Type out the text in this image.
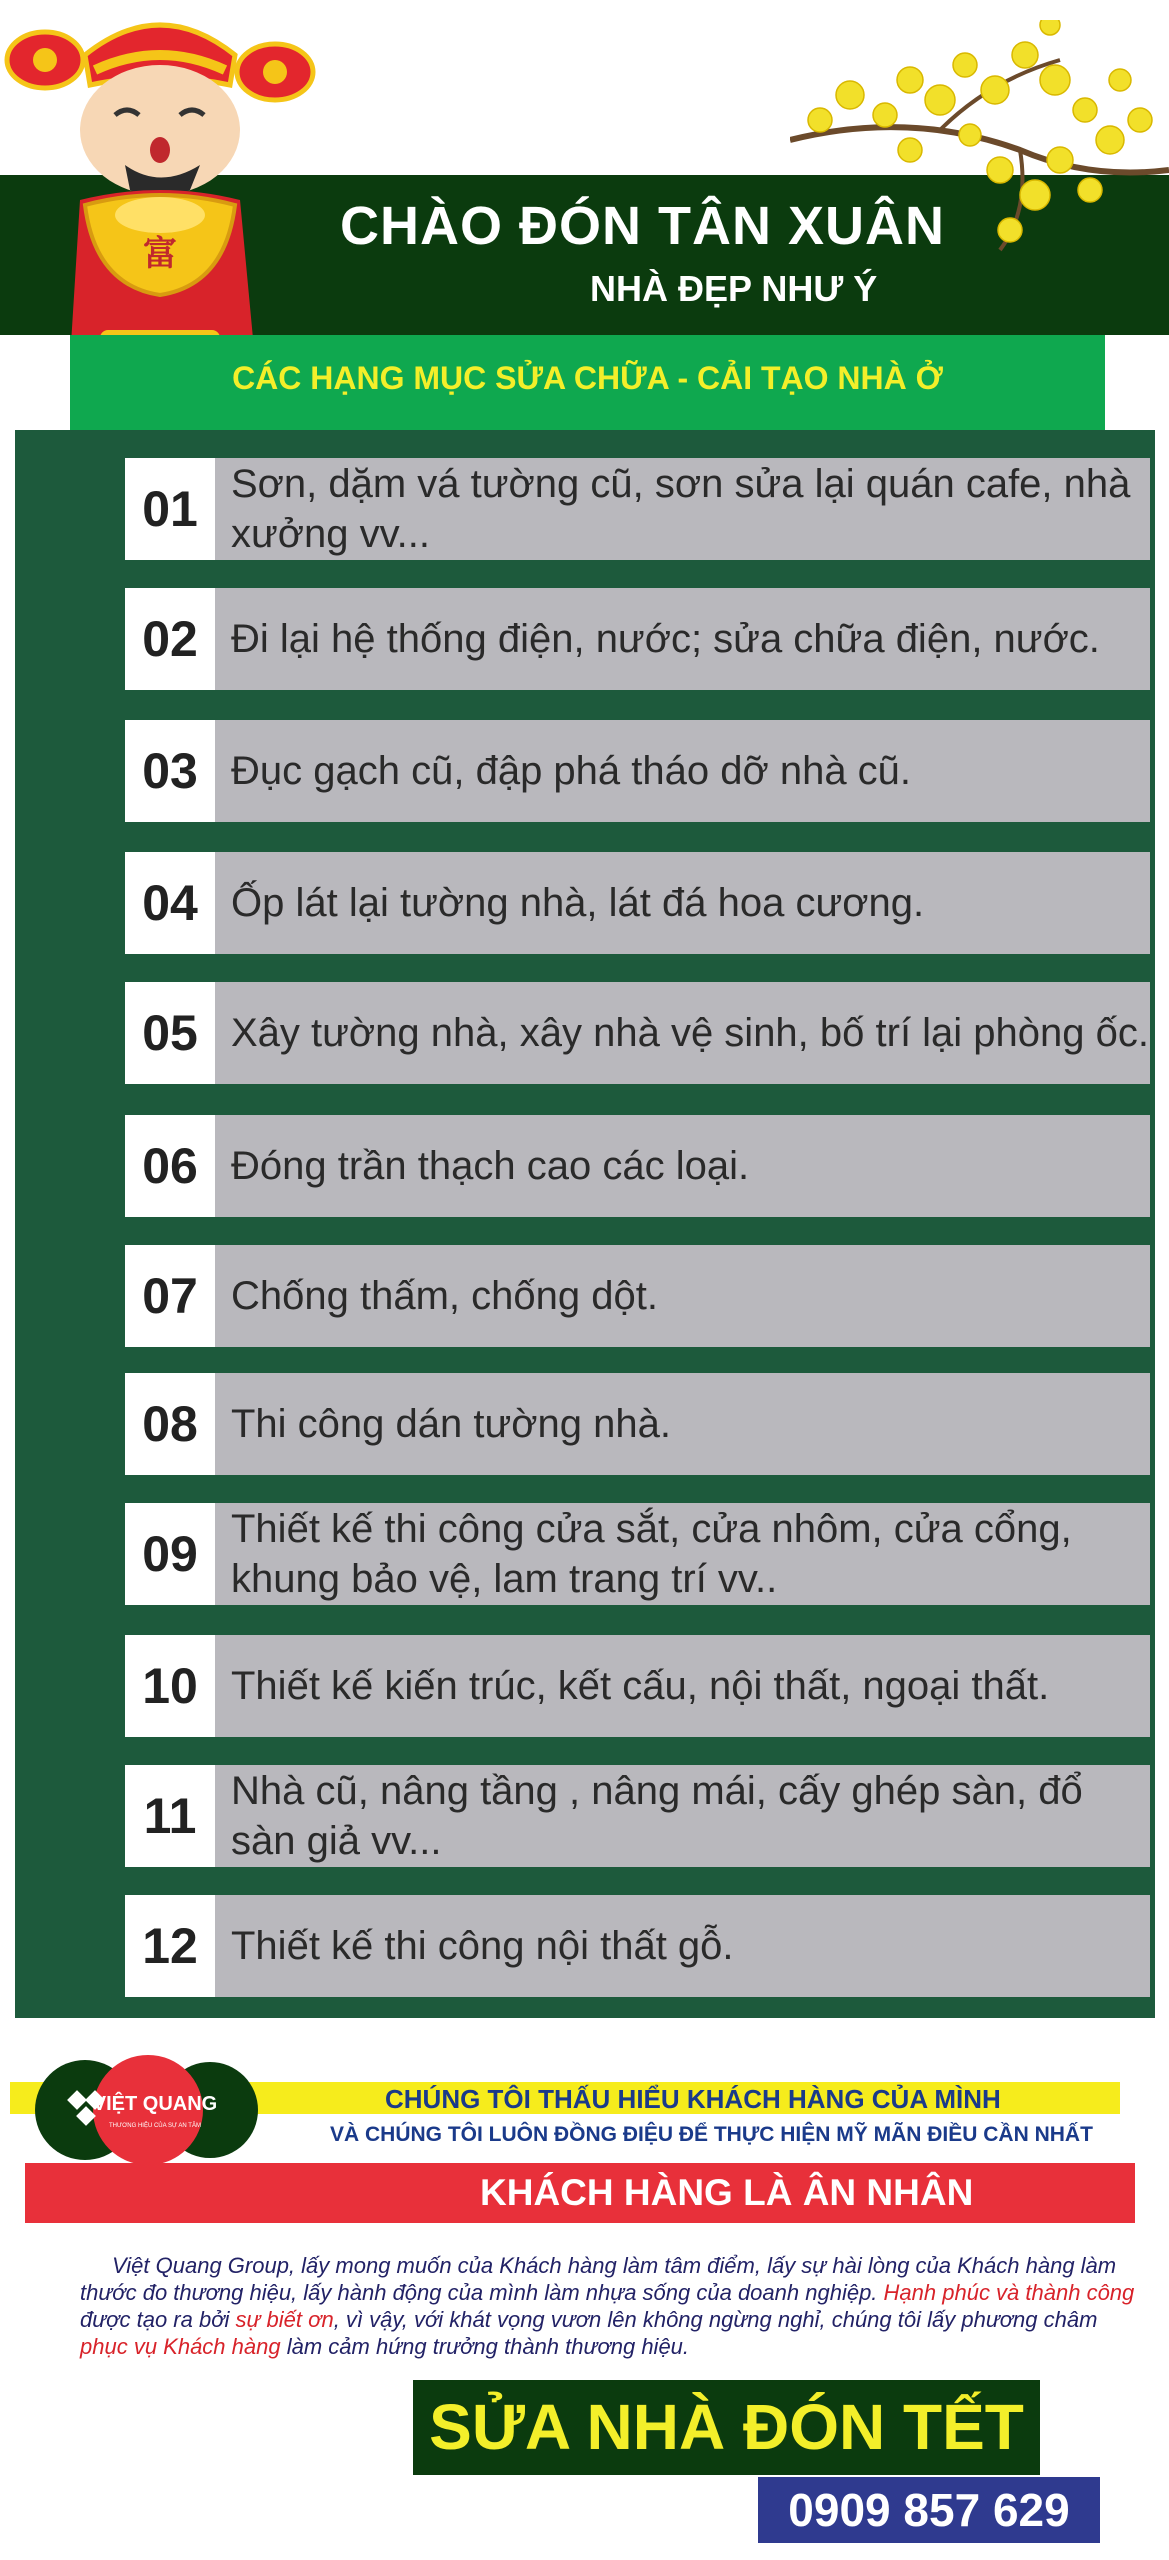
CHÀO ĐÓN TÂN XUÂN
NHÀ ĐẸP NHƯ Ý
富
CÁC HẠNG MỤC SỬA CHỮA - CẢI TẠO NHÀ Ở
01 Sơn, dặm vá tường cũ, sơn sửa lại quán cafe, nhà xưởng vv...
02 Đi lại hệ thống điện, nước; sửa chữa điện, nước.
03 Đục gạch cũ, đập phá tháo dỡ nhà cũ.
04 Ốp lát lại tường nhà, lát đá hoa cương.
05 Xây tường nhà, xây nhà vệ sinh, bố trí lại phòng ốc.
06 Đóng trần thạch cao các loại.
07 Chống thấm, chống dột.
08 Thi công dán tường nhà.
09 Thiết kế thi công cửa sắt, cửa nhôm, cửa cổng, khung bảo vệ, lam trang trí vv..
10 Thiết kế kiến trúc, kết cấu, nội thất, ngoại thất.
11 Nhà cũ, nâng tầng , nâng mái, cấy ghép sàn, đổ sàn giả vv...
12 Thiết kế thi công nội thất gỗ.
VIỆT QUANG
THƯƠNG HIỆU CỦA SỰ AN TÂM
CHÚNG TÔI THẤU HIỂU KHÁCH HÀNG CỦA MÌNH
VÀ CHÚNG TÔI LUÔN ĐỒNG ĐIỆU ĐỂ THỰC HIỆN MỸ MÃN ĐIỀU CẦN NHẤT
KHÁCH HÀNG LÀ ÂN NHÂN
Việt Quang Group, lấy mong muốn của Khách hàng làm tâm điểm, lấy sự hài lòng của Khách hàng làm thước đo thương hiệu, lấy hành động của mình làm nhựa sống của doanh nghiệp. Hạnh phúc và thành công được tạo ra bởi sự biết ơn, vì vậy, với khát vọng vươn lên không ngừng nghỉ, chúng tôi lấy phương châm phục vụ Khách hàng làm cảm hứng trưởng thành thương hiệu.
SỬA NHÀ ĐÓN TẾT
0909 857 629
